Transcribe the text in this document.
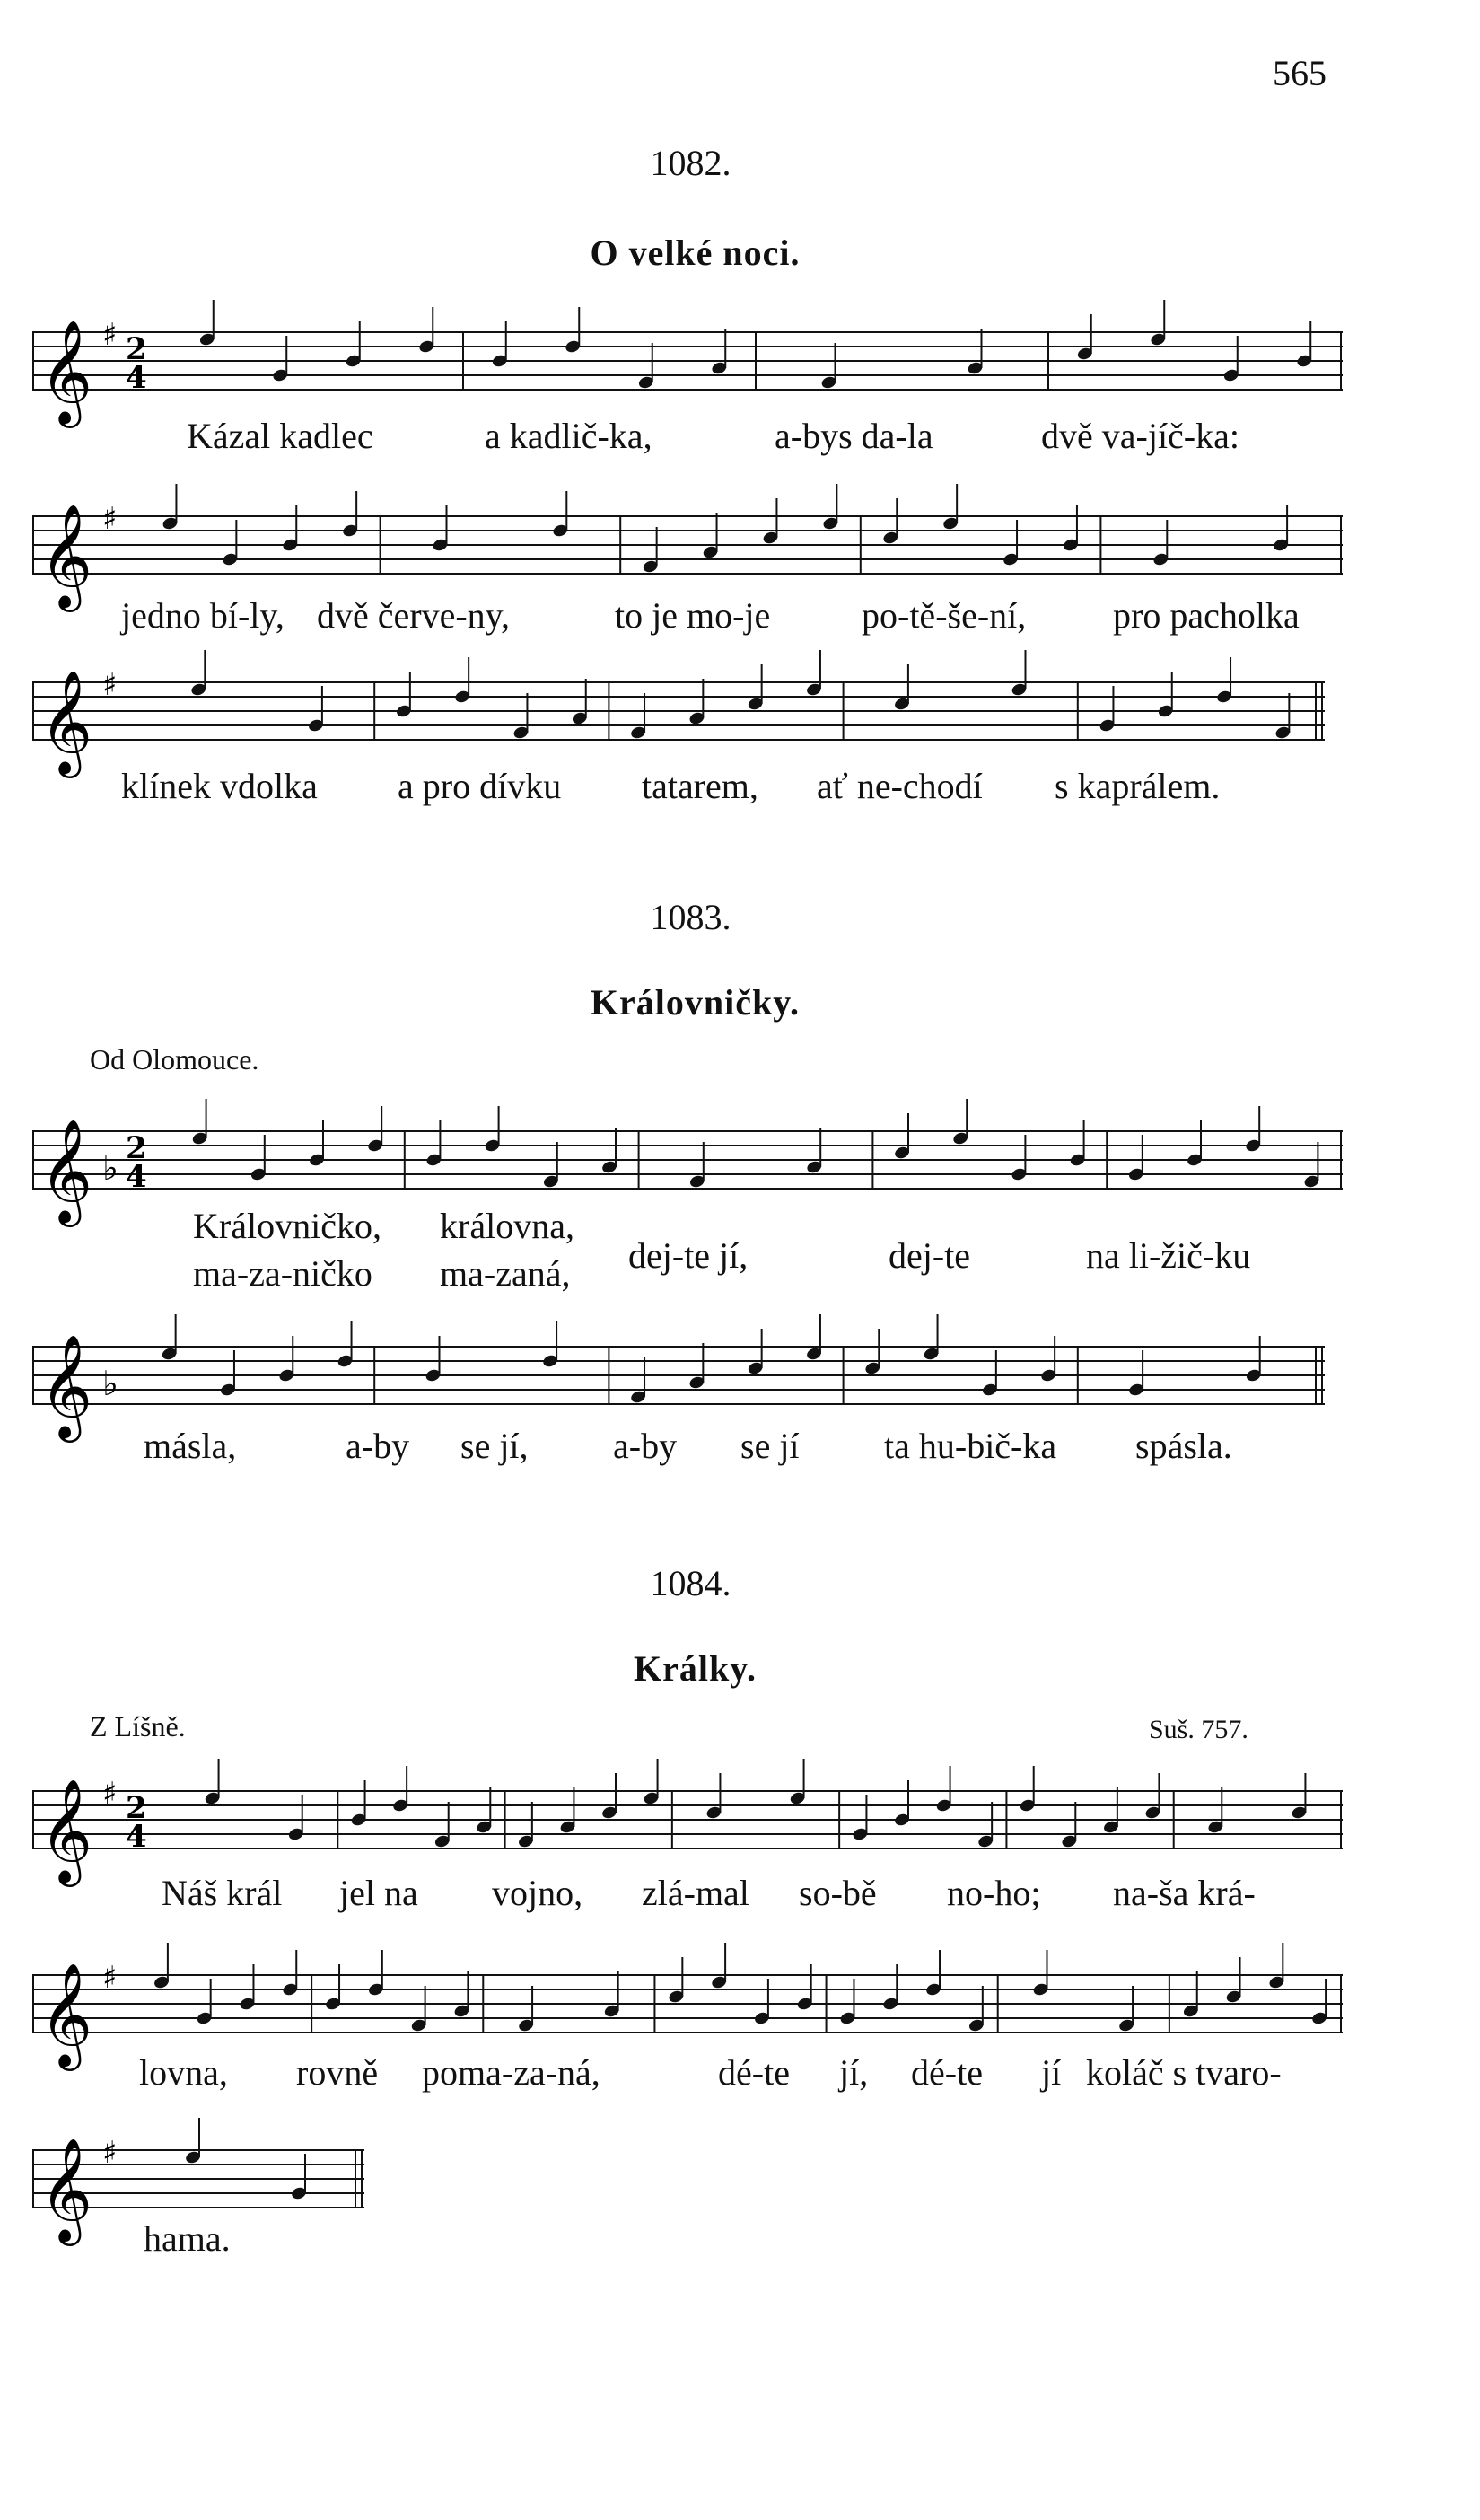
565
1082.
O velké noci.
𝄞 ♯ 2
4
Kázal kadlec	a kadlič-ka,	a-bys da-la	dvě va-jíč-ka:
𝄞 ♯
jedno bí-ly, dvě červe-ny,	to je mo-je	po-tě-še-ní, pro pacholka
𝄞 ♯
klínek vdolka a pro dívku tatarem, ať ne-chodí s kaprálem.
1083.
Královničky.
Od Olomouce.
𝄞 ♭ 2
4
Královničko, královna,
dej-te jí,	dej-te	na li-žič-ku
ma-za-ničko ma-zaná,
𝄞 ♭
másla,	a-by se jí, a-by se jí ta hu-bič-ka spásla.
1084.
Králky.
Z Líšně.	Suš. 757.
𝄞 ♯ 2
4
Náš král jel na vojno, zlá-mal so-bě no-ho; na-ša krá-
𝄞 ♯
lovna, rovně poma-za-ná,	dé-te jí, dé-te jí koláč s tvaro-
𝄞 ♯
hama.
